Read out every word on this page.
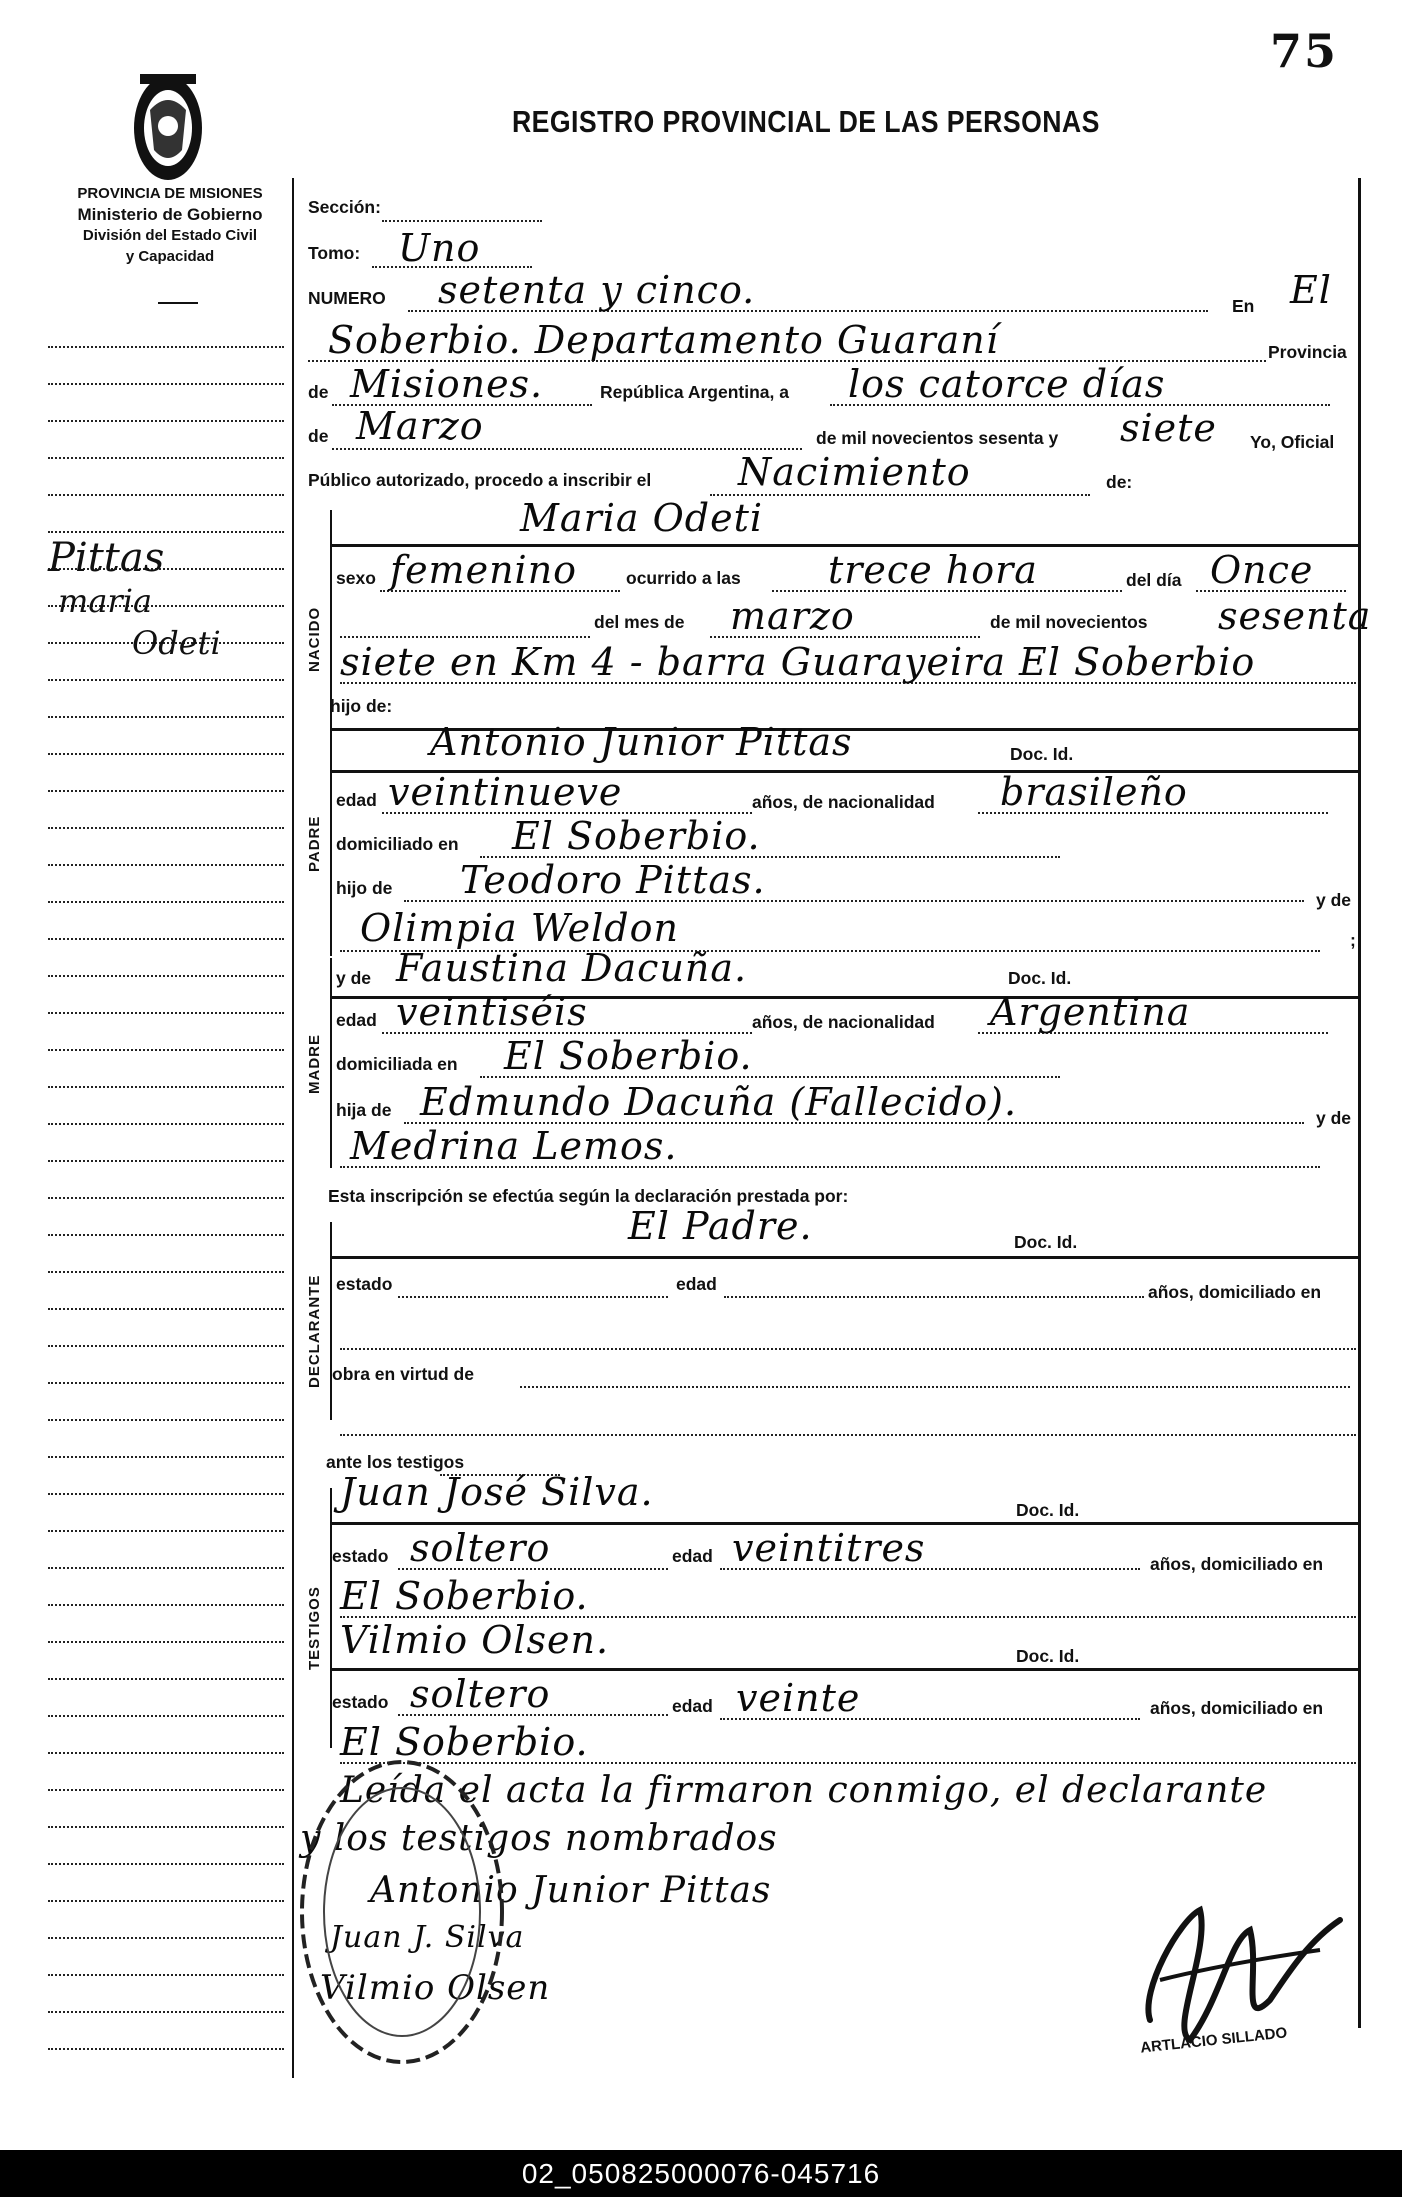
75
REGISTRO PROVINCIAL DE LAS PERSONAS
PROVINCIA DE MISIONES
Ministerio de Gobierno
División del Estado Civil
y Capacidad
Pittas
maria
Odeti
Sección:
Tomo: Uno
NUMERO setenta y cinco.	En El
Soberbio. Departamento Guaraní	Provincia
de Misiones.	República Argentina, a los catorce días
de Marzo	de mil novecientos sesenta y siete Yo, Oficial
Público autorizado, procedo a inscribir el Nacimiento	de:
Maria Odeti
NACIDO
sexo femenino	ocurrido a las trece hora	del día Once
del mes de marzo	de mil novecientos sesenta
siete en Km 4 - barra Guarayeira El Soberbio
hijo de:
PADRE
Antonio Junior Pittas	Doc. Id.
edad veintinueve	años, de nacionalidad brasileño
domiciliado en El Soberbio.
hijo de Teodoro Pittas.	y de
Olimpia Weldon	;
MADRE
y de Faustina Dacuña.	Doc. Id.
edad veintiséis	años, de nacionalidad Argentina
domiciliada en El Soberbio.
hija de Edmundo Dacuña (Fallecido).	y de
Medrina Lemos.
Esta inscripción se efectúa según la declaración prestada por:
DECLARANTE
El Padre.	Doc. Id.
estado	edad	años, domiciliado en
obra en virtud de
ante los testigos
TESTIGOS
Juan José Silva.	Doc. Id.
estado soltero	edad veintitres	años, domiciliado en
El Soberbio.
Vilmio Olsen.	Doc. Id.
estado soltero	edad veinte	años, domiciliado en
El Soberbio.
Leída el acta la firmaron conmigo, el declarante
y los testigos nombrados
Antonio Junior Pittas
Juan J. Silva
Vilmio Olsen
ARTLACIO SILLADO
02_050825000076-045716
